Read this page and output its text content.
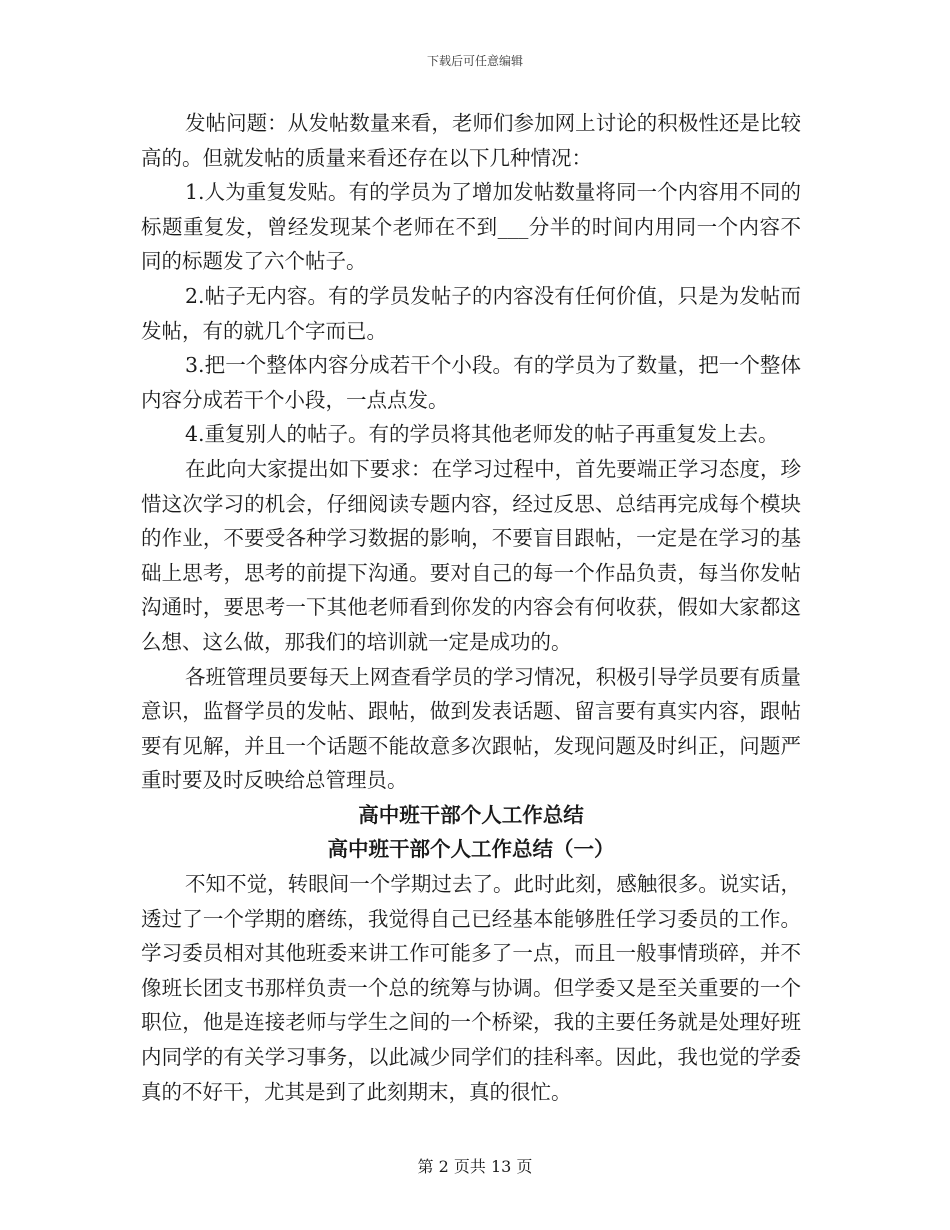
下载后可任意编辑

发帖问题：从发帖数量来看，老师们参加网上讨论的积极性还是比较高的。但就发帖的质量来看还存在以下几种情况：

1.人为重复发贴。有的学员为了增加发帖数量将同一个内容用不同的标题重复发，曾经发现某个老师在不到___分半的时间内用同一个内容不同的标题发了六个帖子。

2.帖子无内容。有的学员发帖子的内容没有任何价值，只是为发帖而发帖，有的就几个字而已。

3.把一个整体内容分成若干个小段。有的学员为了数量，把一个整体内容分成若干个小段，一点点发。

4.重复别人的帖子。有的学员将其他老师发的帖子再重复发上去。

在此向大家提出如下要求：在学习过程中，首先要端正学习态度，珍惜这次学习的机会，仔细阅读专题内容，经过反思、总结再完成每个模块的作业，不要受各种学习数据的影响，不要盲目跟帖，一定是在学习的基础上思考，思考的前提下沟通。要对自己的每一个作品负责，每当你发帖沟通时，要思考一下其他老师看到你发的内容会有何收获，假如大家都这么想、这么做，那我们的培训就一定是成功的。

各班管理员要每天上网查看学员的学习情况，积极引导学员要有质量意识，监督学员的发帖、跟帖，做到发表话题、留言要有真实内容，跟帖要有见解，并且一个话题不能故意多次跟帖，发现问题及时纠正，问题严重时要及时反映给总管理员。

高中班干部个人工作总结
高中班干部个人工作总结（一）

不知不觉，转眼间一个学期过去了。此时此刻，感触很多。说实话，透过了一个学期的磨练，我觉得自己已经基本能够胜任学习委员的工作。学习委员相对其他班委来讲工作可能多了一点，而且一般事情琐碎，并不像班长团支书那样负责一个总的统筹与协调。但学委又是至关重要的一个职位，他是连接老师与学生之间的一个桥梁，我的主要任务就是处理好班内同学的有关学习事务，以此减少同学们的挂科率。因此，我也觉的学委真的不好干，尤其是到了此刻期末，真的很忙。

第 2 页共 13 页
